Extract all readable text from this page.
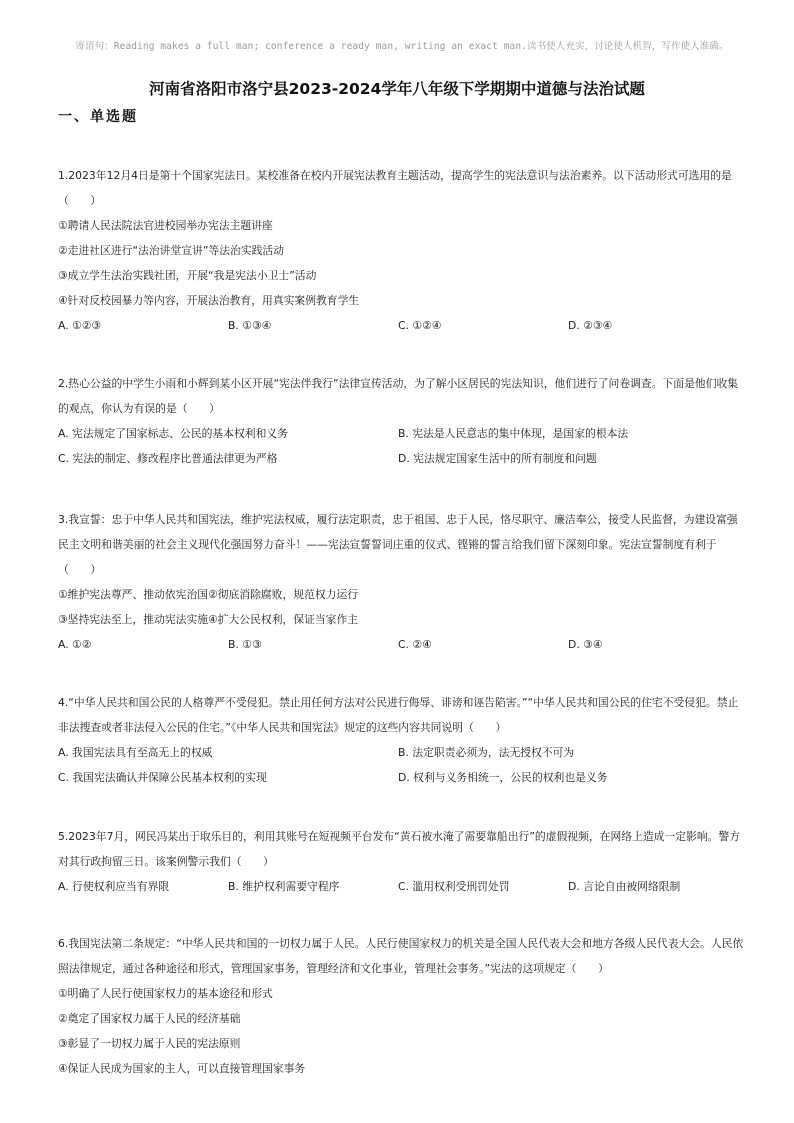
寄语句：Reading makes a full man; conference a ready man, writing an exact man.读书使人充实，讨论使人机智，写作使人准确。
河南省洛阳市洛宁县2023-2024学年八年级下学期期中道德与法治试题
一、单选题
1.2023年12月4日是第十个国家宪法日。某校准备在校内开展宪法教育主题活动，提高学生的宪法意识与法治素养。以下活动形式可选用的是（　　）
①聘请人民法院法官进校园举办宪法主题讲座
②走进社区进行“法治讲堂宣讲”等法治实践活动
③成立学生法治实践社团，开展“我是宪法小卫士”活动
④针对反校园暴力等内容，开展法治教育，用真实案例教育学生
A. ①②③	B. ①③④	C. ①②④	D. ②③④
2.热心公益的中学生小雨和小辉到某小区开展“宪法伴我行”法律宣传活动，为了解小区居民的宪法知识，他们进行了问卷调查。下面是他们收集的观点，你认为有误的是（　　）
A. 宪法规定了国家标志、公民的基本权利和义务	B. 宪法是人民意志的集中体现，是国家的根本法
C. 宪法的制定、修改程序比普通法律更为严格	D. 宪法规定国家生活中的所有制度和问题
3.我宣誓：忠于中华人民共和国宪法，维护宪法权威，履行法定职责，忠于祖国、忠于人民，恪尽职守、廉洁奉公，接受人民监督，为建设富强民主文明和谐美丽的社会主义现代化强国努力奋斗！——宪法宣誓誓词庄重的仪式、铿锵的誓言给我们留下深刻印象。宪法宣誓制度有利于（　　）
①维护宪法尊严、推动依宪治国②彻底消除腐败，规范权力运行
③坚持宪法至上，推动宪法实施④扩大公民权利，保证当家作主
A. ①②	B. ①③	C. ②④	D. ③④
4.“中华人民共和国公民的人格尊严不受侵犯。禁止用任何方法对公民进行侮辱、诽谤和诬告陷害。”“中华人民共和国公民的住宅不受侵犯。禁止非法搜查或者非法侵入公民的住宅。”《中华人民共和国宪法》规定的这些内容共同说明（　　）
A. 我国宪法具有至高无上的权威	B. 法定职责必须为，法无授权不可为
C. 我国宪法确认并保障公民基本权利的实现	D. 权利与义务相统一，公民的权利也是义务
5.2023年7月，网民冯某出于取乐目的，利用其账号在短视频平台发布“黄石被水淹了需要靠船出行”的虚假视频，在网络上造成一定影响。警方对其行政拘留三日。该案例警示我们（　　）
A. 行使权利应当有界限	B. 维护权利需要守程序	C. 滥用权利受刑罚处罚	D. 言论自由被网络限制
6.我国宪法第二条规定：“中华人民共和国的一切权力属于人民。人民行使国家权力的机关是全国人民代表大会和地方各级人民代表大会。人民依照法律规定，通过各种途径和形式，管理国家事务，管理经济和文化事业，管理社会事务。”宪法的这项规定（　　）
①明确了人民行使国家权力的基本途径和形式
②奠定了国家权力属于人民的经济基础
③彰显了一切权力属于人民的宪法原则
④保证人民成为国家的主人，可以直接管理国家事务
